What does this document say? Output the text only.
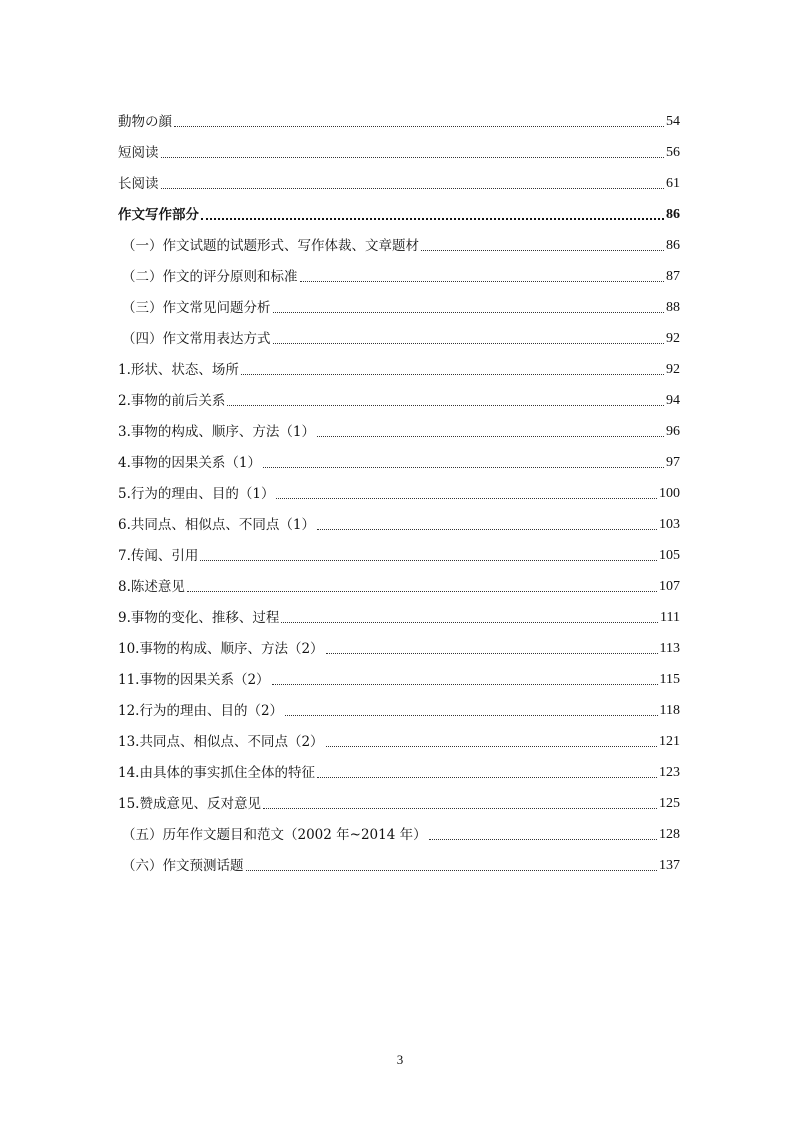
動物の顔	54
短阅读	56
长阅读	61
作文写作部分	86
（一）作文试题的试题形式、写作体裁、文章题材	86
（二）作文的评分原则和标准	87
（三）作文常见问题分析	88
（四）作文常用表达方式	92
1.形状、状态、场所	92
2.事物的前后关系	94
3.事物的构成、顺序、方法（1）	96
4.事物的因果关系（1）	97
5.行为的理由、目的（1）	100
6.共同点、相似点、不同点（1）	103
7.传闻、引用	105
8.陈述意见	107
9.事物的变化、推移、过程	111
10.事物的构成、顺序、方法（2）	113
11.事物的因果关系（2）	115
12.行为的理由、目的（2）	118
13.共同点、相似点、不同点（2）	121
14.由具体的事实抓住全体的特征	123
15.赞成意见、反对意见	125
（五）历年作文题目和范文（2002 年~2014 年）	128
（六）作文预测话题	137
3
